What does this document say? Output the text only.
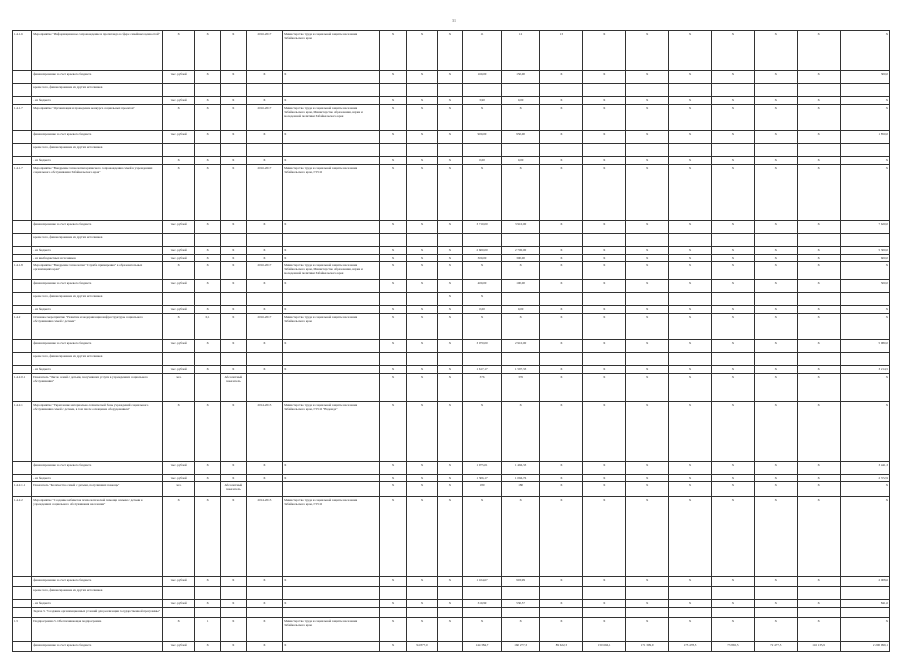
31
1.4.1.6	Мероприятие "Информационное сопровождение и пропаганда в сфере семейных ценностей"	X	X	X	2016-2017	Министерство труда и социальной защиты населения Забайкальского края	X	X	X	11	12	13	X	X	X	X	X	X	X
	финансирование за счет краевого бюджета	тыс. рублей	X	X	X	X	X	X	X	160,00	150,00	X	X	X	X	X	X	X	300,0
	кроме того, финансирование из других источников																		
	- из бюджета	тыс. рублей	X	X	X	X	X	X	X	3,90	0,00	X	X	X	X	X	X	X	X
1.4.1.7	Мероприятие "Организация и проведение конкурса социальных проектов"	X	X	X	2016-2017	Министерство труда и социальной защиты населения Забайкальского края, Министерство образования, науки и молодежной политики Забайкальского края	X	X	X	X	X	X	X	X	X	X	X	X	X
	финансирование за счет краевого бюджета	тыс. рублей	X	X	X	X	X	X	X	900,00	950,00	X	X	X	X	X	X	X	1 850,0
	кроме того, финансирование из других источников																		
	- из бюджета	X	X	X	X	X	X	X	X	0,00	0,00	X	X	X	X	X	X	X	X
1.4.1.7	Мероприятие "Внедрение технологии кризисного сопровождения семей в учреждениях социального обслуживания Забайкальского края"	X	X	X	2016-2017	Министерство труда и социальной защиты населения Забайкальского края, ГУСО	X	X	X	X	X	X	X	X	X	X	X	X	X
	финансирование за счет краевого бюджета	тыс. рублей	X	X	X	X	X	X	X	3 710,00	3 910,00	X	X	X	X	X	X	X	7 620,0
	кроме того, финансирование из других источников																		
	- из бюджета	тыс. рублей	X	X	X	X	X	X	X	2 600,00	2 700,00	X	X	X	X	X	X	X	5 300,0
	- из внебюджетных источников	тыс. рублей	X	X	X	X	X	X	X	300,00	300,00	X	X	X	X	X	X	X	600,0
1.4.1.8	Мероприятие "Внедрение технологии "Служба примирения" в образовательных организациях края"	X	X	X	2016-2017	Министерство труда и социальной защиты населения Забайкальского края, Министерство образования, науки и молодежной политики Забайкальского края	X	X	X	X	X	X	X	X	X	X	X	X	X
	финансирование за счет краевого бюджета	тыс. рублей	X	X	X	X	X	X	X	400,00	100,00	X	X	X	X	X	X	X	500,0
	кроме того, финансирование из других источников								X	X									
	- из бюджета	тыс. рублей	X	X	X	X	X	X	X	0,00	0,00	X	X	X	X	X	X	X	X
1.4.2	Основное мероприятие "Развитие и модернизация инфраструктуры социального обслуживания семей с детьми"	X	0,1	X	2016-2017	Министерство труда и социальной защиты населения Забайкальского края	X	X	X	X	X	X	X	X	X	X	X	X	X
	финансирование за счет краевого бюджета	тыс. рублей	X	X	X	X	X	X	X	3 070,00	2 910,00	X	X	X	X	X	X	X	5 980,0
	кроме того, финансирование из других источников																		
	- из бюджета	тыс. рублей	X	X	X	X	X	X	X	1 617,17	1 597,33	X	X	X	X	X	X	X	3 214,5
1.4.2.0.1	Показатель "Число семей с детьми, получивших услуги в учреждениях социального обслуживания"	чел.		Абсолютный показатель			X	X	X	376	376	X	X	X	X	X	X	X	X
1.4.2.1	Мероприятие "Укрепление материально-технической базы учреждений социального обслуживания семей с детьми, в том числе оснащение оборудованием"	X	X	X	2014-2015	Министерство труда и социальной защиты населения Забайкальского края, ГУСО "Надежда"	X	X	X	X	X	X	X	X	X	X	X	X	X
	финансирование за счет краевого бюджета	тыс. рублей	X	X	X	X	X	X	X	1 975,01	1 466,33	X	X	X	X	X	X	X	3 441,3
	- из бюджета	тыс. рублей	X	X	X	X	X	X	X	1 306,17	1 066,76	X	X	X	X	X	X	X	2 372,9
1.4.2.1.1	Показатель "Количество семей с детьми, получивших помощь"	чел.		Абсолютный показатель			X	X	X	180	180	X	X	X	X	X	X	X	X
1.4.2.2	Мероприятие "Создание кабинетов психологической помощи семьям с детьми в учреждениях социального обслуживания населения"	X	X	X	2014-2015	Министерство труда и социальной защиты населения Забайкальского края, ГУСО	X	X	X	X	X	X	X	X	X	X	X	X	X
	финансирование за счет краевого бюджета	тыс. рублей	X	X	X	X	X	X	X	1 104,67	903,99	X	X	X	X	X	X	X	2 008,6
	кроме того, финансирование из других источников																		
	- из бюджета	тыс. рублей	X	X	X	X	X	X	X	310,99	530,57	X	X	X	X	X	X	X	841,6
	Задача 3. "Создание организационных условий для реализации государственной программы"																		
1.5	Подпрограмма 5. Обеспечивающая подпрограмма	X	1	X	X	Министерство труда и социальной защиты населения Забайкальского края	X	X	X	X	X	X	X	X	X	X	X	X	X
	финансирование за счет краевого бюджета	тыс. рублей	X	X	X	X	X	94 877,0		144 384,7	160 277,3	89 622,3	150 666,1	171 309,9	175 478,5	73 865,5	72 477,5	116 135,9	2 200 999,1
